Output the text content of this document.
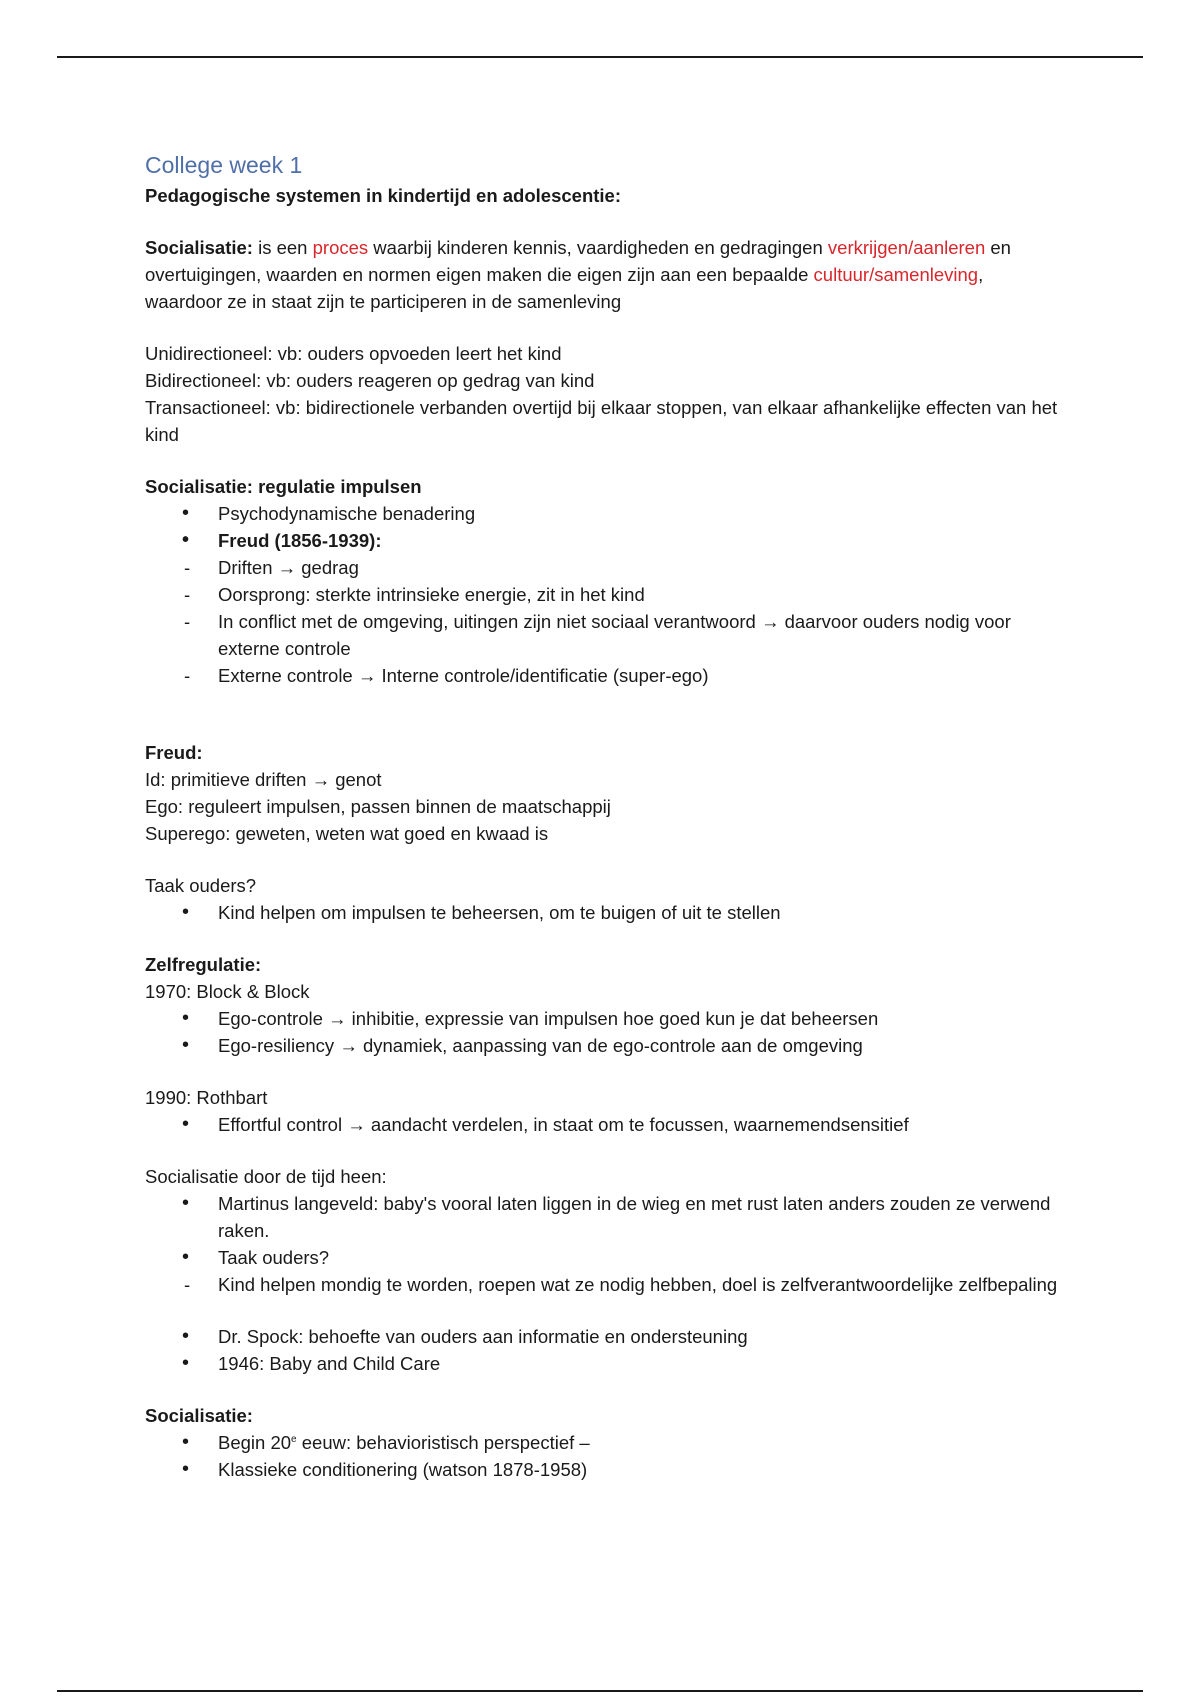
College week 1

Pedagogische systemen in kindertijd en adolescentie:

Socialisatie: is een proces waarbij kinderen kennis, vaardigheden en gedragingen verkrijgen/aanleren en overtuigingen, waarden en normen eigen maken die eigen zijn aan een bepaalde cultuur/samenleving, waardoor ze in staat zijn te participeren in de samenleving

Unidirectioneel: vb: ouders opvoeden leert het kind

Bidirectioneel: vb: ouders reageren op gedrag van kind

Transactioneel: vb: bidirectionele verbanden overtijd bij elkaar stoppen, van elkaar afhankelijke effecten van het kind

Socialisatie: regulatie impulsen

• Psychodynamische benadering
• Freud (1856-1939):
- Driften → gedrag
- Oorsprong: sterkte intrinsieke energie, zit in het kind
- In conflict met de omgeving, uitingen zijn niet sociaal verantwoord → daarvoor ouders nodig voor externe controle
- Externe controle → Interne controle/identificatie (super-ego)

Freud:

Id: primitieve driften → genot

Ego: reguleert impulsen, passen binnen de maatschappij

Superego: geweten, weten wat goed en kwaad is

Taak ouders?

• Kind helpen om impulsen te beheersen, om te buigen of uit te stellen

Zelfregulatie:

1970: Block & Block

• Ego-controle → inhibitie, expressie van impulsen hoe goed kun je dat beheersen
• Ego-resiliency → dynamiek, aanpassing van de ego-controle aan de omgeving

1990: Rothbart

• Effortful control → aandacht verdelen, in staat om te focussen, waarnemendsensitief

Socialisatie door de tijd heen:

• Martinus langeveld: baby's vooral laten liggen in de wieg en met rust laten anders zouden ze verwend raken.
• Taak ouders?
- Kind helpen mondig te worden, roepen wat ze nodig hebben, doel is zelfverantwoordelijke zelfbepaling
• Dr. Spock: behoefte van ouders aan informatie en ondersteuning
• 1946: Baby and Child Care

Socialisatie:

• Begin 20e eeuw: behavioristisch perspectief –
• Klassieke conditionering (watson 1878-1958)
